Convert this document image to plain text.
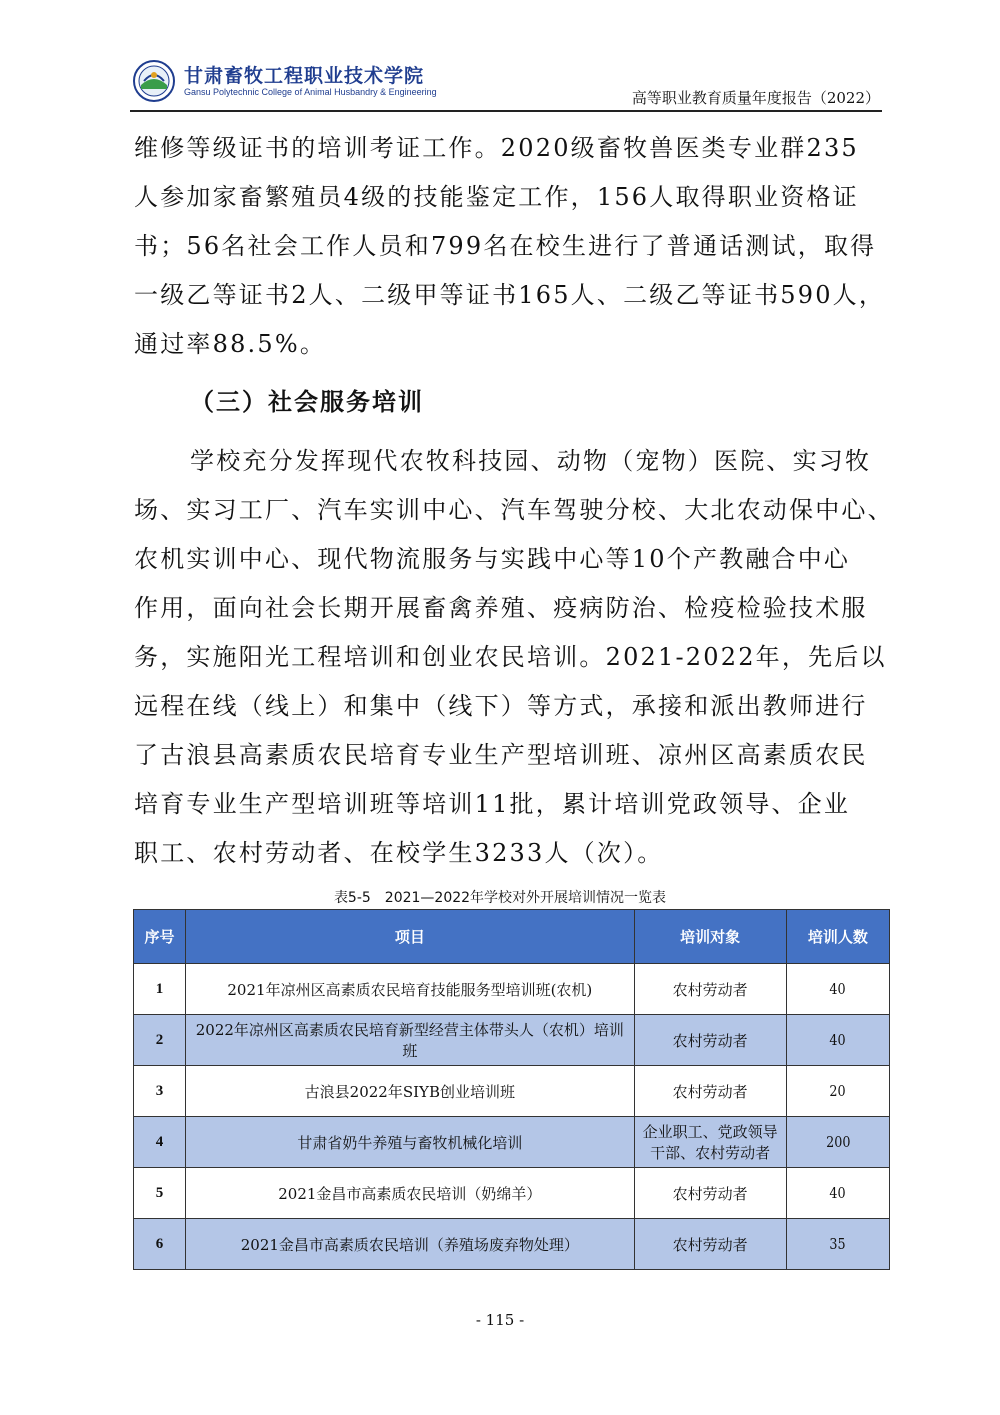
甘肃畜牧工程职业技术学院
Gansu Polytechnic College of Animal Husbandry & Engineering	高等职业教育质量年度报告（2022）
维修等级证书的培训考证工作。2020级畜牧兽医类专业群235
人参加家畜繁殖员4级的技能鉴定工作，156人取得职业资格证
书；56名社会工作人员和799名在校生进行了普通话测试，取得
一级乙等证书2人、二级甲等证书165人、二级乙等证书590人，
通过率88.5%。
（三）社会服务培训
学校充分发挥现代农牧科技园、动物（宠物）医院、实习牧
场、实习工厂、汽车实训中心、汽车驾驶分校、大北农动保中心、
农机实训中心、现代物流服务与实践中心等10个产教融合中心
作用，面向社会长期开展畜禽养殖、疫病防治、检疫检验技术服
务，实施阳光工程培训和创业农民培训。2021-2022年，先后以
远程在线（线上）和集中（线下）等方式，承接和派出教师进行
了古浪县高素质农民培育专业生产型培训班、凉州区高素质农民
培育专业生产型培训班等培训11批，累计培训党政领导、企业
职工、农村劳动者、在校学生3233人（次）。
表5-5　2021—2022年学校对外开展培训情况一览表
序号	项目	培训对象	培训人数
1	2021年凉州区高素质农民培育技能服务型培训班(农机)	农村劳动者	40
2	2022年凉州区高素质农民培育新型经营主体带头人（农机）培训班	农村劳动者	40
3	古浪县2022年SIYB创业培训班	农村劳动者	20
4	甘肃省奶牛养殖与畜牧机械化培训	企业职工、党政领导干部、农村劳动者	200
5	2021金昌市高素质农民培训（奶绵羊）	农村劳动者	40
6	2021金昌市高素质农民培训（养殖场废弃物处理）	农村劳动者	35
- 115 -
